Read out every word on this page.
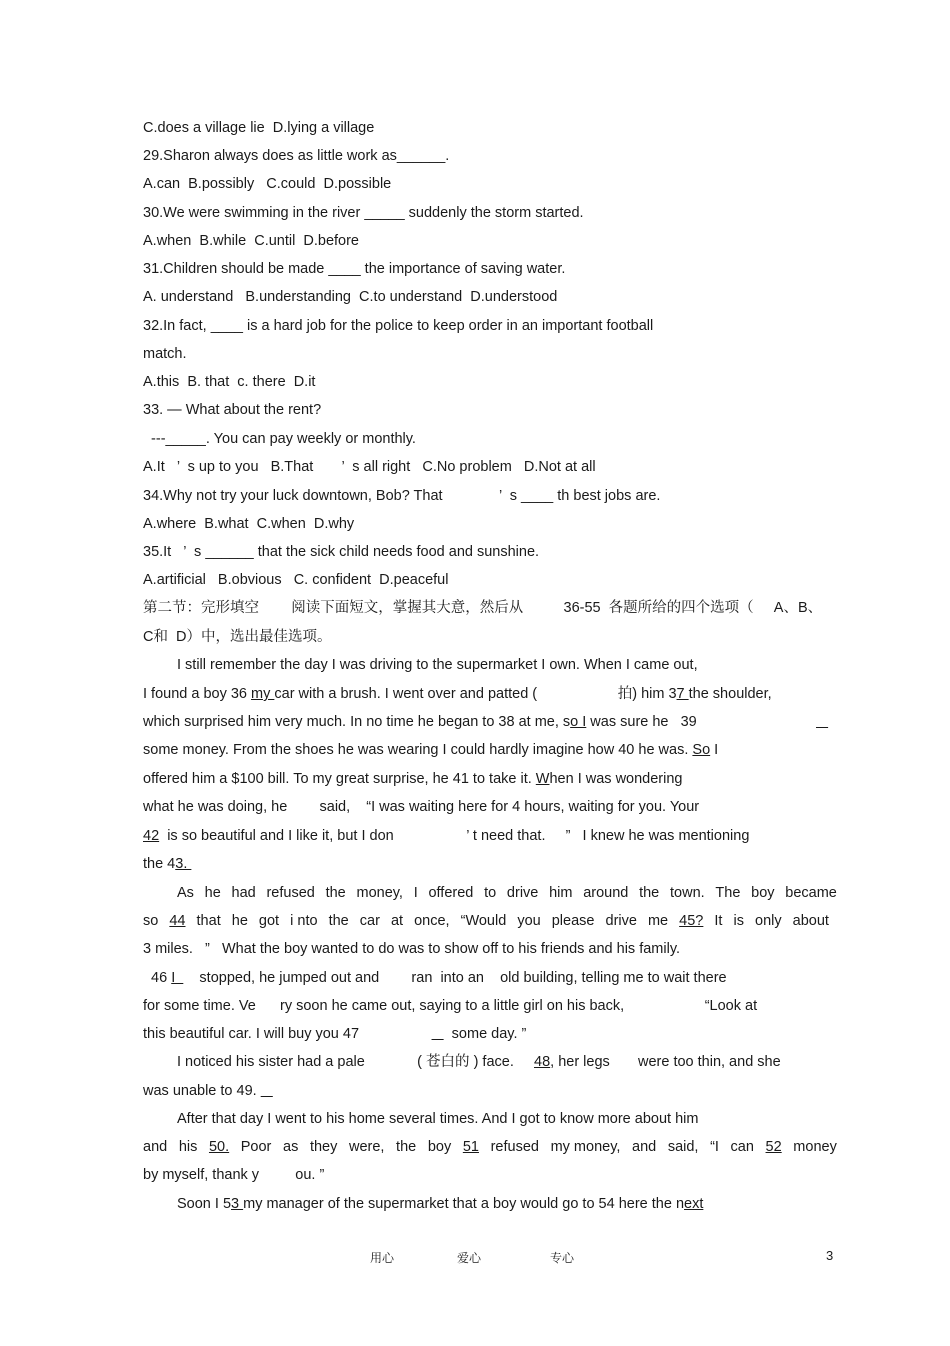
C.does a village lie  D.lying a village
29.Sharon always does as little work as______.
A.can  B.possibly   C.could  D.possible
30.We were swimming in the river _____ suddenly the storm started.
A.when  B.while  C.until  D.before
31.Children should be made ____ the importance of saving water.
A. understand   B.understanding  C.to understand  D.understood
32.In fact, ____ is a hard job for the police to keep order in an important football
match.
A.this  B. that  c. there  D.it
33. — What about the rent?
---_____. You can pay weekly or monthly.
A.It   ’  s up to you   B.That       ’  s all right   C.No problem   D.Not at all
34.Why not try your luck downtown, Bob? That              ’  s ____ th best jobs are.
A.where  B.what  C.when  D.why
35.It   ’  s ______ that the sick child needs food and sunshine.
A.artificial   B.obvious   C. confident  D.peaceful
第二节：完形填空        阅读下面短文，掌握其大意，然后从          36-55  各题所给的四个选项（     A、B、
C和  D）中，选出最佳选项。
I still remember the day I was driving to the supermarket I own. When I came out,
I found a boy 36 my car with a brush. I went over and patted (                    拍) him 37 the shoulder,
which surprised him very much. In no time he began to 38 at me, so I was sure he   39

some money. From the shoes he was wearing I could hardly imagine how 40 he was. So I
offered him a $100 bill. To my great surprise, he 41 to take it. When I was wondering
what he was doing, he        said,    “I was waiting here for 4 hours, waiting for you. Your
42  is so beautiful and I like it, but I don                  ’ t need that.     ”   I knew he was mentioning
the 43.
As he had refused the money, I offered to drive him around the town. The boy became
so 44 that he got i nto the car at once, “Would you please drive me 45? It is only about
3 miles.   ”   What the boy wanted to do was to show off to his friends and his family.
46 I      stopped, he jumped out and        ran  into an    old building, telling me to wait there
for some time. Ve      ry soon he came out, saying to a little girl on his back,                    “Look at
this beautiful car. I will buy you 47                       some day. ”
I noticed his sister had a pale             ( 苍白的 ) face.     48, her legs       were too thin, and she
was unable to 49.
After that day I went to his home several times. And I got to know more about him
and his 50. Poor as they were, the boy 51 refused my money, and said, “I can 52 money
by myself, thank y         ou. ”
Soon I 53 my manager of the supermarket that a boy would go to 54 here the next
用心	爱心	专心	3
